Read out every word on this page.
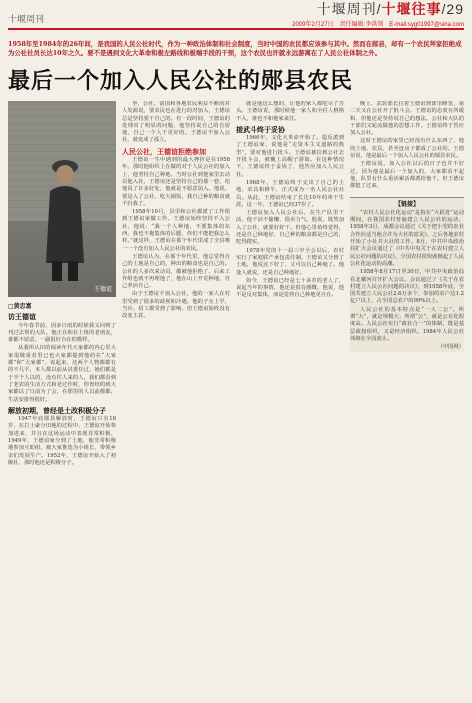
十堰周刊
十堰周刊/十堰往事/29
2009年2月27日　责任编辑:李洪领　E-mail:syg01997@sina.com
1958年至1984年的26年间，是我国的人民公社时代，作为一种政治体制和社会制度，当时中国的农民都应该参与其中。然而在郧县，却有一个农民拜家拒绝成为公社社员长达10年之久。要不是遇到文化大革命和极左路线和极端手段的干预，这个农民也许就永远游离在了人民公社体制之外。
最后一个加入人民公社的郧县农民
王德谊
□黄忠富
访王德谊

今年春节前，因多日雨的时候我又回到了刊过去帮的大队。他正在和在上班的老朋友，谁都不留意，一副很好自在的模样。

从我所认识的阅读年代大家都的内心里大家很敬重者里已也大家都提到他的在“大家都”和“大家都”，说起来，这两个人物都都有的不几平，本人都以前从县委任过，她们都是于半个人以的，没有往人来的人，我们都看到了老农的生活方式和老过作时，你曾经的到大家都以了日前为了会，在那里的人以前都都，生活安排得很好。

解放初期，曾经是土改积极分子

1947年底郧县解放时，王德谊只有16岁，在打土豪分田地的过程中，王德谊开始参加进来，并且在这场运动中表现非常积极。1949年，王德谊家分到了土地，他非常积极地参加互助组，被大家推选为小组长，带领乡亲们发展生产。1952年，王德谊开始入了初级社，那时他还是积极分子。

争，公社、富国和各地农民利益不断的对人发源说，要农民也在进行的对加入，王德谊总是坚持要干自己的。有一段时间，王德谊的处理出了明显的问题，他坚持说自己的自留地，自己一个人干更好的。王德谊不加入公社，就变成了孤立。

人民公社，王德谊拒绝参加

王德谊一生中遇到的最大挫折是在1958年。那时他组织上在做的对于人民公社的加入上，他坚持自己种地。当时公社到他家里去动员他入社，王德谊还是坚持自己的那一套，给他说了许多好处，他就是不愿意加入。他说，要是入了公社，吃大锅饭，我自己种的粮食就不归我了。

1958年10月，县里和公社都派了工作组到王德谊家做工作。王德谊始终坚持不入公社，他说：“我一个人种地，不要集体的东西，我也不拖集体的后腿，你们不能把我怎么样。”就这样，王德谊在那个年代里成了全县唯一一个没有加入人民公社的农民。

王德谊认为，在那个年代里，他总觉得自己的土地是自己的，种出的粮食也是自己的。公社的人多次来动员，都被他拒绝了。后来工作组也就不再理他了，他在山上开荒种地，自己养活自己。

由于王德谊不加入公社，他的一家人在村里受到了很多的歧视和冷遇。他的子女上学，当兵、招工都受到了影响。但王德谊始终没有改变主意。

就是他这么想的，让他的家人都吃尽了苦头。王德谊说，那时候他一家人和全村人格格不入，谁也不和他家来往。

接武斗终于妥协

1966年，文化大革命开始了。造反派到了王德谊家，说他是“走资本主义道路的典型”，要对他进行批斗。王德谊被拉到公社去开批斗会，被戴上高帽子游街。在这种情况下，王德谊终于妥协了，他答应加入人民公社。

1968年，王德谊终于交出了自己的土地、农具和耕牛，正式成为一名人民公社社员。从此，王德谊结束了长达10年的单干生涯。这一年，王德谊已经37岁了。

王德谊加入人民公社后，在生产队里干活，他干活不偷懒，很卖力气。他说，既然加入了公社，就要好好干。但他心里始终觉得，还是自己种地好，自己种的粮食都是自己的，吃得踏实。

1978年党的十一届三中全会以后，农村实行了家庭联产承包责任制。王德谊又分到了土地，他说这下好了，又可以自己种地了。他逢人就说，还是自己种地好。

如今，王德谊已经是七十多岁的老人了，说起当年的事情，他还是很有感慨。他说，他不是反对集体，而是觉得自己种地更自在。

晚上，武装部长拉着王德谊到部里睡觉，第二天又在公社开了批斗会。王德谊的态度有所缓和，但他还是坚持说自己的想法。公社和大队的干部们又轮流做他的思想工作。王德谊终于答应加入公社。

这时王德谊的家里已经没有什么东西了，他的土地、农具，甚至连房子都成了公社的。王德谊说，他是最后一个加入人民公社的郧县农民。

王德谊说，加入公社以后的日子也并不好过，因为他是最后一个加入的，大家都看不起他，队里有什么重活累活都派给他干。但王德谊都挺了过来。

【链接】

“农村人民公社化运动”是指在“大跃进”运动期间，在我国农村普遍建立人民公社的运动。1958年3月，成都会议通过《关于把小型的农业合作社适当地合并为大社的意见》，之后各地农村开始了小社并大社的工作。8月，中共中央政治局扩大会议通过了《中共中央关于在农村建立人民公社问题的决议》，全国农村很快就掀起了人民公社化运动的高潮。

1958年8月17日至30日，中共中央政治局在北戴河召开扩大会议。会议通过了《关于在农村建立人民公社问题的决议》，到1958年底，全国共建立人民公社2.6万多个，参加的农户达1.2亿户以上，占全国总农户的99%以上。

人民公社的基本特点是“一大二公”。所谓“大”，就是规模大；所谓“公”，就是公有化程度高。人民公社实行“政社合一”的体制，既是基层政权组织，又是经济组织。1984年人民公社体制在全国废止。

（中国网）
